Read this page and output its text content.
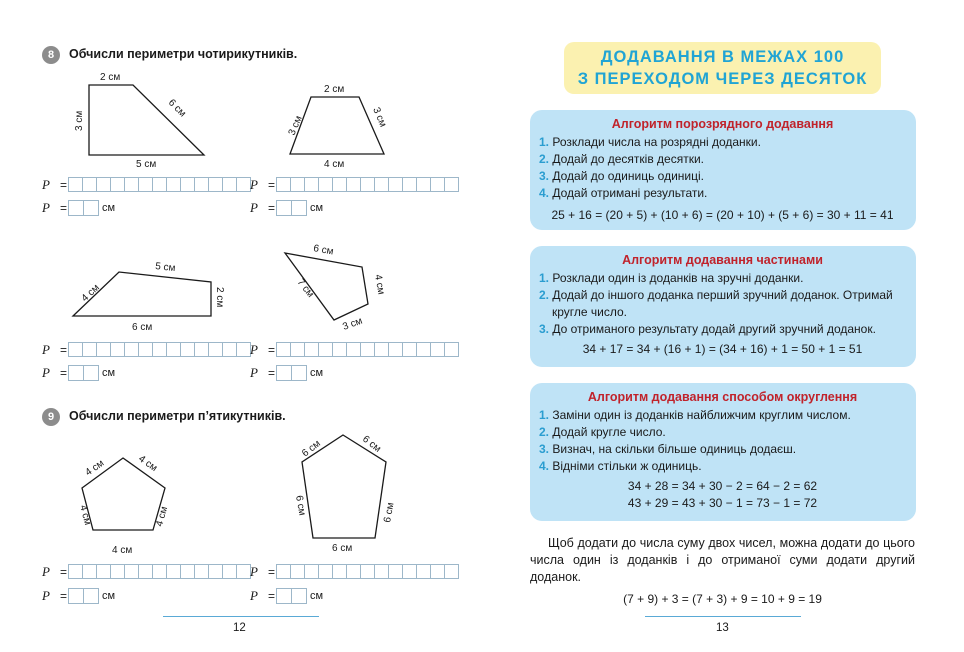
8	Обчисли периметри чотирикутників.
2 см
3 см
6 см
5 см
2 см
3 см	3 см
4 см
4 см
5 см
2 см
6 см
6 см
7 см	4 см
3 см
9	Обчисли периметри п’ятикутників.
4 см	4 см
4 см	4 см
4 см
6 см	6 см
6 см	6 см
6 см
P =
P =	см
P =
P =	см
P =
P =	см
P =
P =	см
P =
P =	см
P =
P =	см
12
ДОДАВАННЯ В МЕЖАХ 100
З ПЕРЕХОДОМ ЧЕРЕЗ ДЕСЯТОК
Алгоритм порозрядного додавання
1. Розклади числа на розрядні доданки.
2. Додай до десятків десятки.
3. Додай до одиниць одиниці.
4. Додай отримані результати.
25 + 16 = (20 + 5) + (10 + 6) = (20 + 10) + (5 + 6) = 30 + 11 = 41
Алгоритм додавання частинами
1. Розклади один із доданків на зручні доданки.
2. Додай до іншого доданка перший зручний доданок. Отримай кругле число.
3. До отриманого результату додай другий зручний доданок.
34 + 17 = 34 + (16 + 1) = (34 + 16) + 1 = 50 + 1 = 51
Алгоритм додавання способом округлення
1. Заміни один із доданків найближчим круглим числом.
2. Додай кругле число.
3. Визнач, на скільки більше одиниць додаєш.
4. Відніми стільки ж одиниць.
34 + 28 = 34 + 30 − 2 = 64 − 2 = 62
43 + 29 = 43 + 30 − 1 = 73 − 1 = 72
Щоб додати до числа суму двох чисел, можна додати до цього числа один із доданків і до отриманої суми додати другий доданок.
(7 + 9) + 3 = (7 + 3) + 9 = 10 + 9 = 19
13
